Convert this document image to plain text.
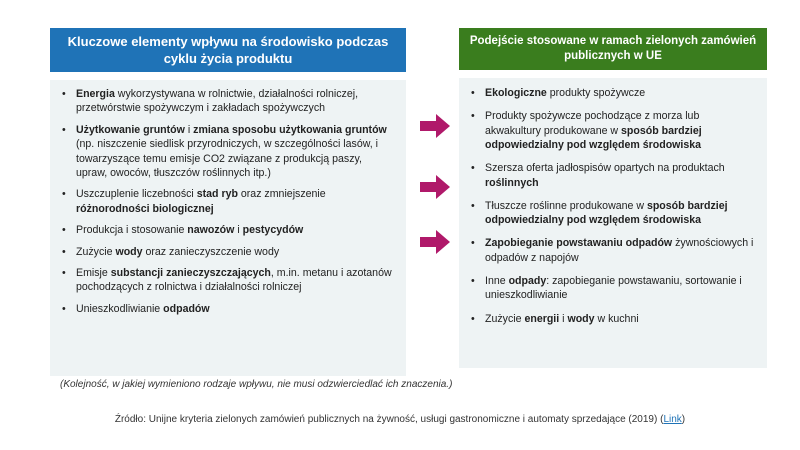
Kluczowe elementy wpływu na środowisko podczas cyklu życia produktu
• Energia wykorzystywana w rolnictwie, działalności rolniczej, przetwórstwie spożywczym i zakładach spożywczych
• Użytkowanie gruntów i zmiana sposobu użytkowania gruntów (np. niszczenie siedlisk przyrodniczych, w szczególności lasów, i towarzyszące temu emisje CO2 związane z produkcją paszy, upraw, owoców, tłuszczów roślinnych itp.)
• Uszczuplenie liczebności stad ryb oraz zmniejszenie różnorodności biologicznej
• Produkcja i stosowanie nawozów i pestycydów
• Zużycie wody oraz zanieczyszczenie wody
• Emisje substancji zanieczyszczających, m.in. metanu i azotanów pochodzących z rolnictwa i działalności rolniczej
• Unieszkodliwianie odpadów
Podejście stosowane w ramach zielonych zamówień publicznych w UE
• Ekologiczne produkty spożywcze
• Produkty spożywcze pochodzące z morza lub akwakultury produkowane w sposób bardziej odpowiedzialny pod względem środowiska
• Szersza oferta jadłospisów opartych na produktach roślinnych
• Tłuszcze roślinne produkowane w sposób bardziej odpowiedzialny pod względem środowiska
• Zapobieganie powstawaniu odpadów żywnościowych i odpadów z napojów
• Inne odpady: zapobieganie powstawaniu, sortowanie i unieszkodliwianie
• Zużycie energii i wody w kuchni
(Kolejność, w jakiej wymieniono rodzaje wpływu, nie musi odzwierciedlać ich znaczenia.)
Źródło: Unijne kryteria zielonych zamówień publicznych na żywność, usługi gastronomiczne i automaty sprzedające (2019) (Link)
